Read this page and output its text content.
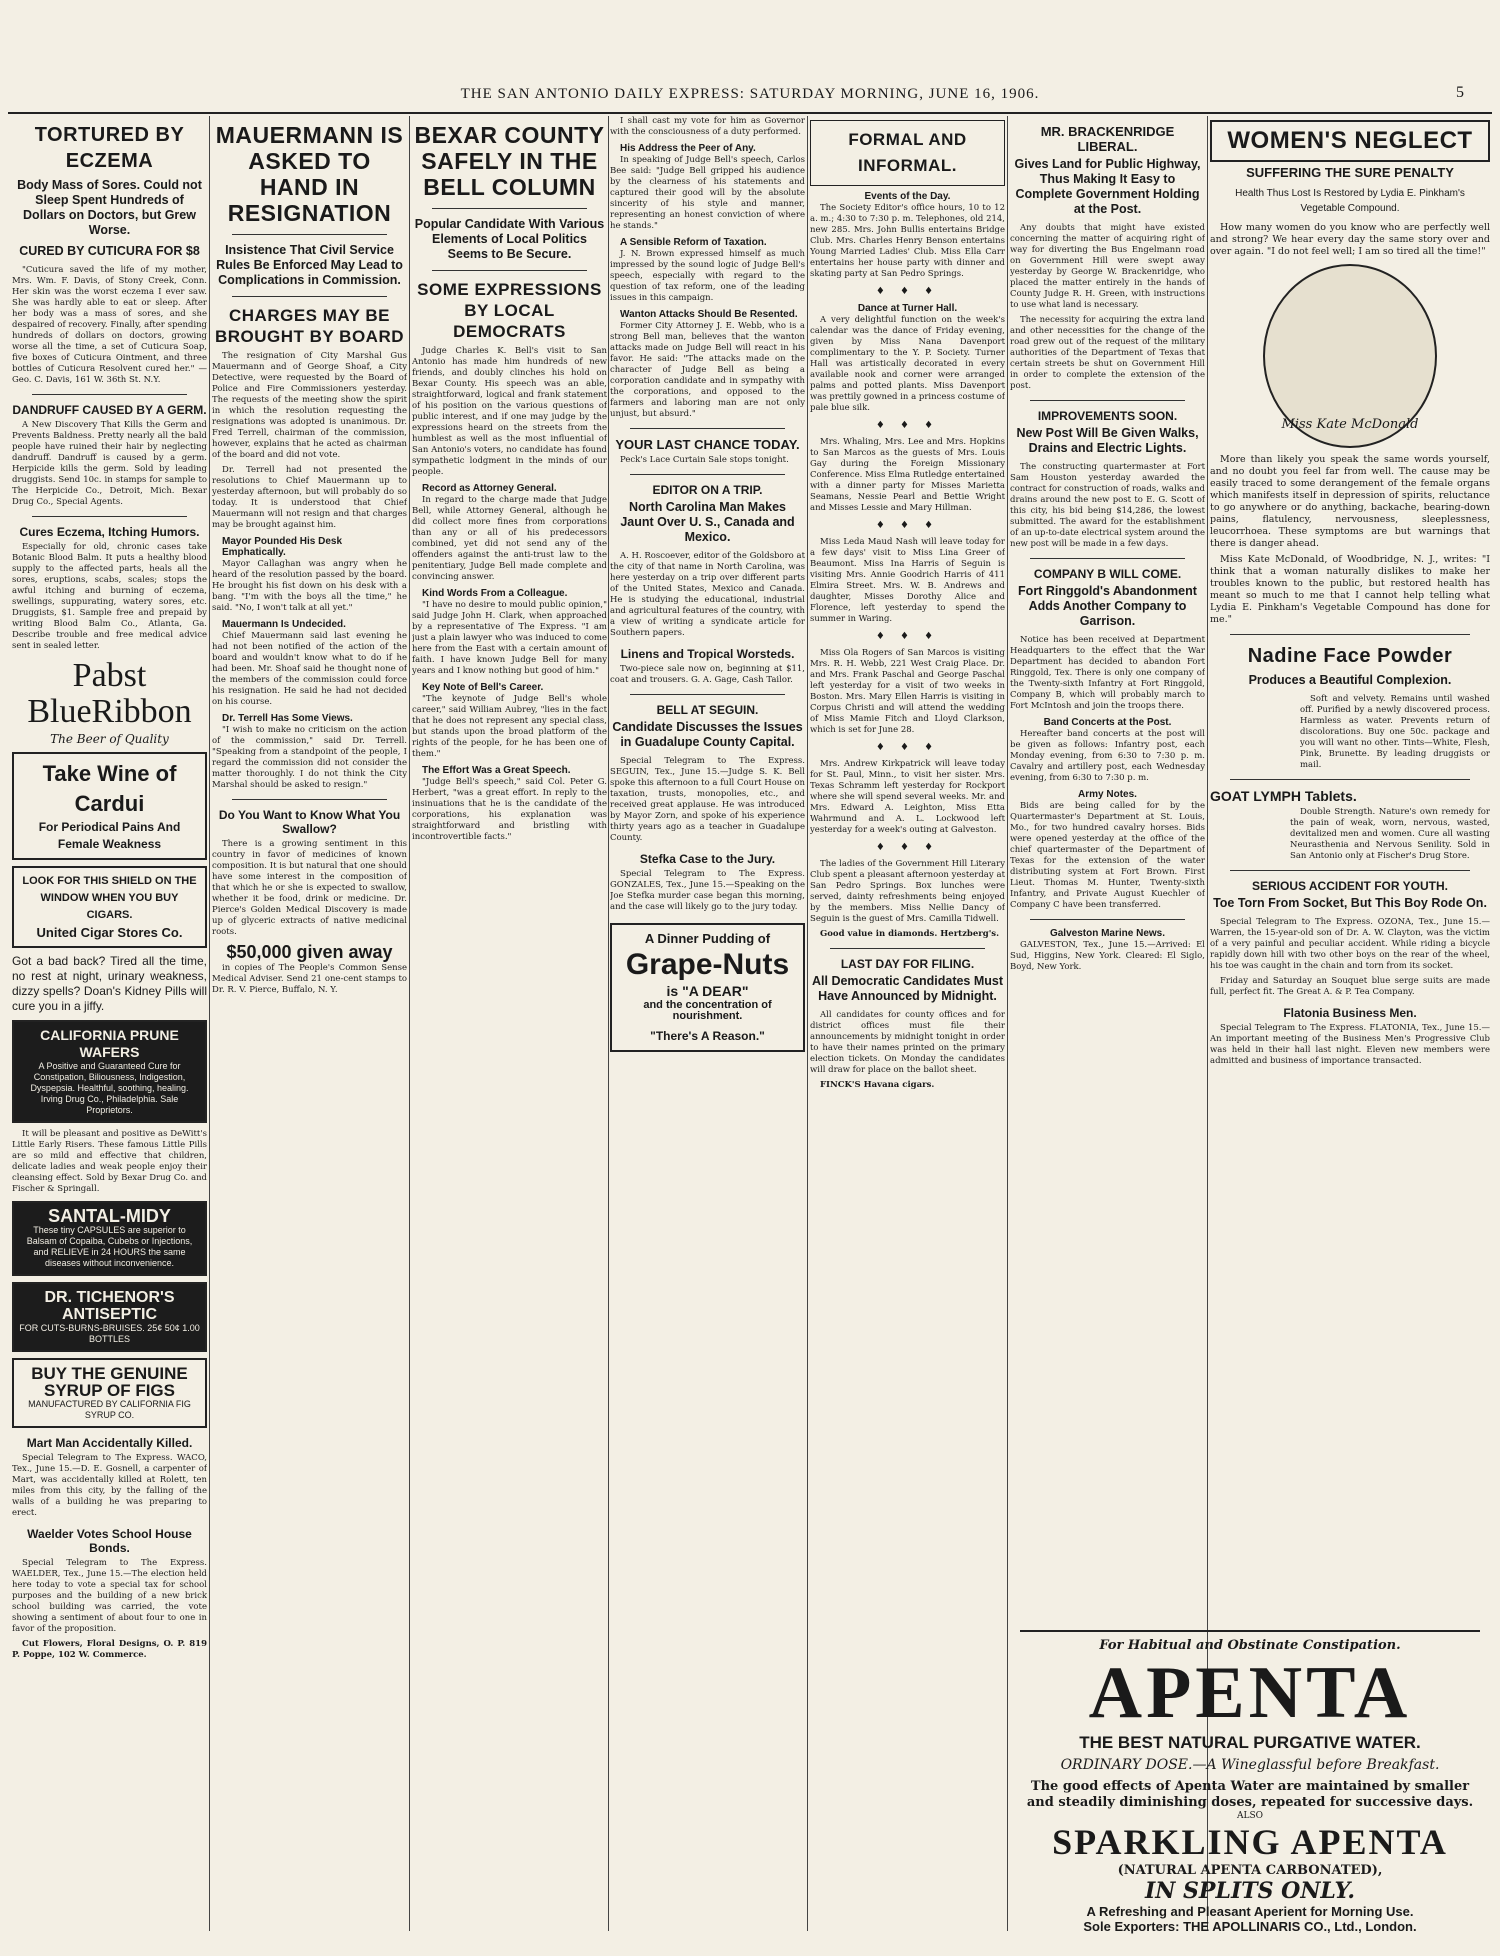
THE SAN ANTONIO DAILY EXPRESS: SATURDAY MORNING, JUNE 16, 1906.	5
TORTURED BY ECZEMA
Body Mass of Sores. Could not Sleep Spent Hundreds of Dollars on Doctors, but Grew Worse.
CURED BY CUTICURA FOR $8

"Cuticura saved the life of my mother, Mrs. Wm. F. Davis, of Stony Creek, Conn. Her skin was the worst eczema I ever saw. She was hardly able to eat or sleep. After her body was a mass of sores, and she despaired of recovery. Finally, after spending hundreds of dollars on doctors, growing worse all the time, a set of Cuticura Soap, five boxes of Cuticura Ointment, and three bottles of Cuticura Resolvent cured her." — Geo. C. Davis, 161 W. 36th St. N.Y.

DANDRUFF CAUSED BY A GERM.

A New Discovery That Kills the Germ and Prevents Baldness. Pretty nearly all the bald people have ruined their hair by neglecting dandruff. Dandruff is caused by a germ. Herpicide kills the germ. Sold by leading druggists. Send 10c. in stamps for sample to The Herpicide Co., Detroit, Mich. Bexar Drug Co., Special Agents.

Cures Eczema, Itching Humors.

Especially for old, chronic cases take Botanic Blood Balm. It puts a healthy blood supply to the affected parts, heals all the sores, eruptions, scabs, scales; stops the awful itching and burning of eczema, swellings, suppurating, watery sores, etc. Druggists, $1. Sample free and prepaid by writing Blood Balm Co., Atlanta, Ga. Describe trouble and free medical advice sent in sealed letter.

Pabst BlueRibbon
The Beer of Quality
Take Wine of Cardui
For Periodical Pains And Female Weakness
LOOK FOR THIS SHIELD ON THE WINDOW WHEN YOU BUY CIGARS.
United Cigar Stores Co.

Got a bad back? Tired all the time, no rest at night, urinary weakness, dizzy spells? Doan's Kidney Pills will cure you in a jiffy.

CALIFORNIA PRUNE WAFERS
A Positive and Guaranteed Cure for Constipation, Biliousness, Indigestion, Dyspepsia. Healthful, soothing, healing. Irving Drug Co., Philadelphia. Sale Proprietors.

It will be pleasant and positive as DeWitt's Little Early Risers. These famous Little Pills are so mild and effective that children, delicate ladies and weak people enjoy their cleansing effect. Sold by Bexar Drug Co. and Fischer & Springall.

SANTAL-MIDY
These tiny CAPSULES are superior to Balsam of Copaiba, Cubebs or Injections, and RELIEVE in 24 HOURS the same diseases without inconvenience.
DR. TICHENOR'S ANTISEPTIC
FOR CUTS-BURNS-BRUISES. 25¢ 50¢ 1.00 BOTTLES
BUY THE GENUINE SYRUP OF FIGS
MANUFACTURED BY CALIFORNIA FIG SYRUP CO.
Mart Man Accidentally Killed.

Special Telegram to The Express. WACO, Tex., June 15.—D. E. Gosnell, a carpenter of Mart, was accidentally killed at Rolett, ten miles from this city, by the falling of the walls of a building he was preparing to erect.

Waelder Votes School House Bonds.

Special Telegram to The Express. WAELDER, Tex., June 15.—The election held here today to vote a special tax for school purposes and the building of a new brick school building was carried, the vote showing a sentiment of about four to one in favor of the proposition.

Cut Flowers, Floral Designs, O. P. 819 P. Poppe, 102 W. Commerce.

MAUERMANN IS ASKED TO HAND IN RESIGNATION
Insistence That Civil Service Rules Be Enforced May Lead to Complications in Commission.
CHARGES MAY BE BROUGHT BY BOARD

The resignation of City Marshal Gus Mauermann and of George Shoaf, a City Detective, were requested by the Board of Police and Fire Commissioners yesterday. The requests of the meeting show the spirit in which the resolution requesting the resignations was adopted is unanimous. Dr. Fred Terrell, chairman of the commission, however, explains that he acted as chairman of the board and did not vote.

Dr. Terrell had not presented the resolutions to Chief Mauermann up to yesterday afternoon, but will probably do so today. It is understood that Chief Mauermann will not resign and that charges may be brought against him.

Mayor Pounded His Desk Emphatically.

Mayor Callaghan was angry when he heard of the resolution passed by the board. He brought his fist down on his desk with a bang. "I'm with the boys all the time," he said. "No, I won't talk at all yet."

Mauermann Is Undecided.

Chief Mauermann said last evening he had not been notified of the action of the board and wouldn't know what to do if he had been. Mr. Shoaf said he thought none of the members of the commission could force his resignation. He said he had not decided on his course.

Dr. Terrell Has Some Views.

"I wish to make no criticism on the action of the commission," said Dr. Terrell. "Speaking from a standpoint of the people, I regard the commission did not consider the matter thoroughly. I do not think the City Marshal should be asked to resign."

Do You Want to Know What You Swallow?

There is a growing sentiment in this country in favor of medicines of known composition. It is but natural that one should have some interest in the composition of that which he or she is expected to swallow, whether it be food, drink or medicine. Dr. Pierce's Golden Medical Discovery is made up of glyceric extracts of native medicinal roots.

$50,000 given away

in copies of The People's Common Sense Medical Adviser. Send 21 one-cent stamps to Dr. R. V. Pierce, Buffalo, N. Y.

BEXAR COUNTY SAFELY IN THE BELL COLUMN
Popular Candidate With Various Elements of Local Politics Seems to Be Secure.
SOME EXPRESSIONS BY LOCAL DEMOCRATS

Judge Charles K. Bell's visit to San Antonio has made him hundreds of new friends, and doubly clinches his hold on Bexar County. His speech was an able, straightforward, logical and frank statement of his position on the various questions of public interest, and if one may judge by the expressions heard on the streets from the humblest as well as the most influential of San Antonio's voters, no candidate has found sympathetic lodgment in the minds of our people.

Record as Attorney General.

In regard to the charge made that Judge Bell, while Attorney General, although he did collect more fines from corporations than any or all of his predecessors combined, yet did not send any of the offenders against the anti-trust law to the penitentiary, Judge Bell made complete and convincing answer.

Kind Words From a Colleague.

"I have no desire to mould public opinion," said Judge John H. Clark, when approached by a representative of The Express. "I am just a plain lawyer who was induced to come here from the East with a certain amount of faith. I have known Judge Bell for many years and I know nothing but good of him."

Key Note of Bell's Career.

"The keynote of Judge Bell's whole career," said William Aubrey, "lies in the fact that he does not represent any special class, but stands upon the broad platform of the rights of the people, for he has been one of them."

The Effort Was a Great Speech.

"Judge Bell's speech," said Col. Peter G. Herbert, "was a great effort. In reply to the insinuations that he is the candidate of the corporations, his explanation was straightforward and bristling with incontrovertible facts."

I shall cast my vote for him as Governor with the consciousness of a duty performed.

His Address the Peer of Any.

In speaking of Judge Bell's speech, Carlos Bee said: "Judge Bell gripped his audience by the clearness of his statements and captured their good will by the absolute sincerity of his style and manner, representing an honest conviction of where he stands."

A Sensible Reform of Taxation.

J. N. Brown expressed himself as much impressed by the sound logic of Judge Bell's speech, especially with regard to the question of tax reform, one of the leading issues in this campaign.

Wanton Attacks Should Be Resented.

Former City Attorney J. E. Webb, who is a strong Bell man, believes that the wanton attacks made on Judge Bell will react in his favor. He said: "The attacks made on the character of Judge Bell as being a corporation candidate and in sympathy with the corporations, and opposed to the farmers and laboring man are not only unjust, but absurd."

YOUR LAST CHANCE TODAY.

Peck's Lace Curtain Sale stops tonight.

EDITOR ON A TRIP.
North Carolina Man Makes Jaunt Over U. S., Canada and Mexico.

A. H. Roscoever, editor of the Goldsboro at the city of that name in North Carolina, was here yesterday on a trip over different parts of the United States, Mexico and Canada. He is studying the educational, industrial and agricultural features of the country, with a view of writing a syndicate article for Southern papers.

Linens and Tropical Worsteds.

Two-piece sale now on, beginning at $11, coat and trousers. G. A. Gage, Cash Tailor.

BELL AT SEGUIN.
Candidate Discusses the Issues in Guadalupe County Capital.

Special Telegram to The Express. SEGUIN, Tex., June 15.—Judge S. K. Bell spoke this afternoon to a full Court House on taxation, trusts, monopolies, etc., and received great applause. He was introduced by Mayor Zorn, and spoke of his experience thirty years ago as a teacher in Guadalupe County.

Stefka Case to the Jury.

Special Telegram to The Express. GONZALES, Tex., June 15.—Speaking on the Joe Stefka murder case began this morning, and the case will likely go to the jury today.

A Dinner Pudding of
Grape-Nuts
is "A DEAR"
and the concentration of nourishment.
"There's A Reason."
FORMAL AND INFORMAL.
Events of the Day.

The Society Editor's office hours, 10 to 12 a. m.; 4:30 to 7:30 p. m. Telephones, old 214, new 285. Mrs. John Bullis entertains Bridge Club. Mrs. Charles Henry Benson entertains Young Married Ladies' Club. Miss Ella Carr entertains her house party with dinner and skating party at San Pedro Springs.

♦ ♦ ♦
Dance at Turner Hall.

A very delightful function on the week's calendar was the dance of Friday evening, given by Miss Nana Davenport complimentary to the Y. P. Society. Turner Hall was artistically decorated in every available nook and corner were arranged palms and potted plants. Miss Davenport was prettily gowned in a princess costume of pale blue silk.

♦ ♦ ♦

Mrs. Whaling, Mrs. Lee and Mrs. Hopkins to San Marcos as the guests of Mrs. Louis Gay during the Foreign Missionary Conference. Miss Elma Rutledge entertained with a dinner party for Misses Marietta Seamans, Nessie Pearl and Bettie Wright and Misses Lessie and Mary Hillman.

♦ ♦ ♦

Miss Leda Maud Nash will leave today for a few days' visit to Miss Lina Greer of Beaumont. Miss Ina Harris of Seguin is visiting Mrs. Annie Goodrich Harris of 411 Elmira Street. Mrs. W. B. Andrews and daughter, Misses Dorothy Alice and Florence, left yesterday to spend the summer in Waring.

♦ ♦ ♦

Miss Ola Rogers of San Marcos is visiting Mrs. R. H. Webb, 221 West Craig Place. Dr. and Mrs. Frank Paschal and George Paschal left yesterday for a visit of two weeks in Boston. Mrs. Mary Ellen Harris is visiting in Corpus Christi and will attend the wedding of Miss Mamie Fitch and Lloyd Clarkson, which is set for June 28.

♦ ♦ ♦

Mrs. Andrew Kirkpatrick will leave today for St. Paul, Minn., to visit her sister. Mrs. Texas Schramm left yesterday for Rockport where she will spend several weeks. Mr. and Mrs. Edward A. Leighton, Miss Etta Wahrmund and A. L. Lockwood left yesterday for a week's outing at Galveston.

♦ ♦ ♦

The ladies of the Government Hill Literary Club spent a pleasant afternoon yesterday at San Pedro Springs. Box lunches were served, dainty refreshments being enjoyed by the members. Miss Nellie Dancy of Seguin is the guest of Mrs. Camilla Tidwell.

Good value in diamonds. Hertzberg's.

LAST DAY FOR FILING.
All Democratic Candidates Must Have Announced by Midnight.

All candidates for county offices and for district offices must file their announcements by midnight tonight in order to have their names printed on the primary election tickets. On Monday the candidates will draw for place on the ballot sheet.

FINCK'S Havana cigars.

MR. BRACKENRIDGE LIBERAL.
Gives Land for Public Highway, Thus Making It Easy to Complete Government Holding at the Post.

Any doubts that might have existed concerning the matter of acquiring right of way for diverting the Bus Engelmann road on Government Hill were swept away yesterday by George W. Brackenridge, who placed the matter entirely in the hands of County Judge R. H. Green, with instructions to use what land is necessary.

The necessity for acquiring the extra land and other necessities for the change of the road grew out of the request of the military authorities of the Department of Texas that certain streets be shut on Government Hill in order to complete the extension of the post.

IMPROVEMENTS SOON.
New Post Will Be Given Walks, Drains and Electric Lights.

The constructing quartermaster at Fort Sam Houston yesterday awarded the contract for construction of roads, walks and drains around the new post to E. G. Scott of this city, his bid being $14,286, the lowest submitted. The award for the establishment of an up-to-date electrical system around the new post will be made in a few days.

COMPANY B WILL COME.
Fort Ringgold's Abandonment Adds Another Company to Garrison.

Notice has been received at Department Headquarters to the effect that the War Department has decided to abandon Fort Ringgold, Tex. There is only one company of the Twenty-sixth Infantry at Fort Ringgold, Company B, which will probably march to Fort McIntosh and join the troops there.

Band Concerts at the Post.

Hereafter band concerts at the post will be given as follows: Infantry post, each Monday evening, from 6:30 to 7:30 p. m. Cavalry and artillery post, each Wednesday evening, from 6:30 to 7:30 p. m.

Army Notes.

Bids are being called for by the Quartermaster's Department at St. Louis, Mo., for two hundred cavalry horses. Bids were opened yesterday at the office of the chief quartermaster of the Department of Texas for the extension of the water distributing system at Fort Brown. First Lieut. Thomas M. Hunter, Twenty-sixth Infantry, and Private August Kuechler of Company C have been transferred.

Galveston Marine News.

GALVESTON, Tex., June 15.—Arrived: El Sud, Higgins, New York. Cleared: El Siglo, Boyd, New York.

WOMEN'S NEGLECT
SUFFERING THE SURE PENALTY
Health Thus Lost Is Restored by Lydia E. Pinkham's Vegetable Compound.

How many women do you know who are perfectly well and strong? We hear every day the same story over and over again. "I do not feel well; I am so tired all the time!"

Miss Kate McDonald

More than likely you speak the same words yourself, and no doubt you feel far from well. The cause may be easily traced to some derangement of the female organs which manifests itself in depression of spirits, reluctance to go anywhere or do anything, backache, bearing-down pains, flatulency, nervousness, sleeplessness, leucorrhoea. These symptoms are but warnings that there is danger ahead.

Miss Kate McDonald, of Woodbridge, N. J., writes: "I think that a woman naturally dislikes to make her troubles known to the public, but restored health has meant so much to me that I cannot help telling what Lydia E. Pinkham's Vegetable Compound has done for me."

Nadine Face Powder
Produces a Beautiful Complexion.

Soft and velvety. Remains until washed off. Purified by a newly discovered process. Harmless as water. Prevents return of discolorations. Buy one 50c. package and you will want no other. Tints—White, Flesh, Pink, Brunette. By leading druggists or mail.

GOAT LYMPH Tablets.

Double Strength. Nature's own remedy for the pain of weak, worn, nervous, wasted, devitalized men and women. Cure all wasting Neurasthenia and Nervous Senility. Sold in San Antonio only at Fischer's Drug Store.

SERIOUS ACCIDENT FOR YOUTH.
Toe Torn From Socket, But This Boy Rode On.

Special Telegram to The Express. OZONA, Tex., June 15.—Warren, the 15-year-old son of Dr. A. W. Clayton, was the victim of a very painful and peculiar accident. While riding a bicycle rapidly down hill with two other boys on the rear of the wheel, his toe was caught in the chain and torn from its socket.

Friday and Saturday an Souquet blue serge suits are made full, perfect fit. The Great A. & P. Tea Company.

Flatonia Business Men.

Special Telegram to The Express. FLATONIA, Tex., June 15.—An important meeting of the Business Men's Progressive Club was held in their hall last night. Eleven new members were admitted and business of importance transacted.

For Habitual and Obstinate Constipation.
APENTA
THE BEST NATURAL PURGATIVE WATER.
ORDINARY DOSE.—A Wineglassful before Breakfast.
The good effects of Apenta Water are maintained by smaller and steadily diminishing doses, repeated for successive days.
ALSO
SPARKLING APENTA
(NATURAL APENTA CARBONATED),
IN SPLITS ONLY.
A Refreshing and Pleasant Aperient for Morning Use.
Sole Exporters: THE APOLLINARIS CO., Ltd., London.
